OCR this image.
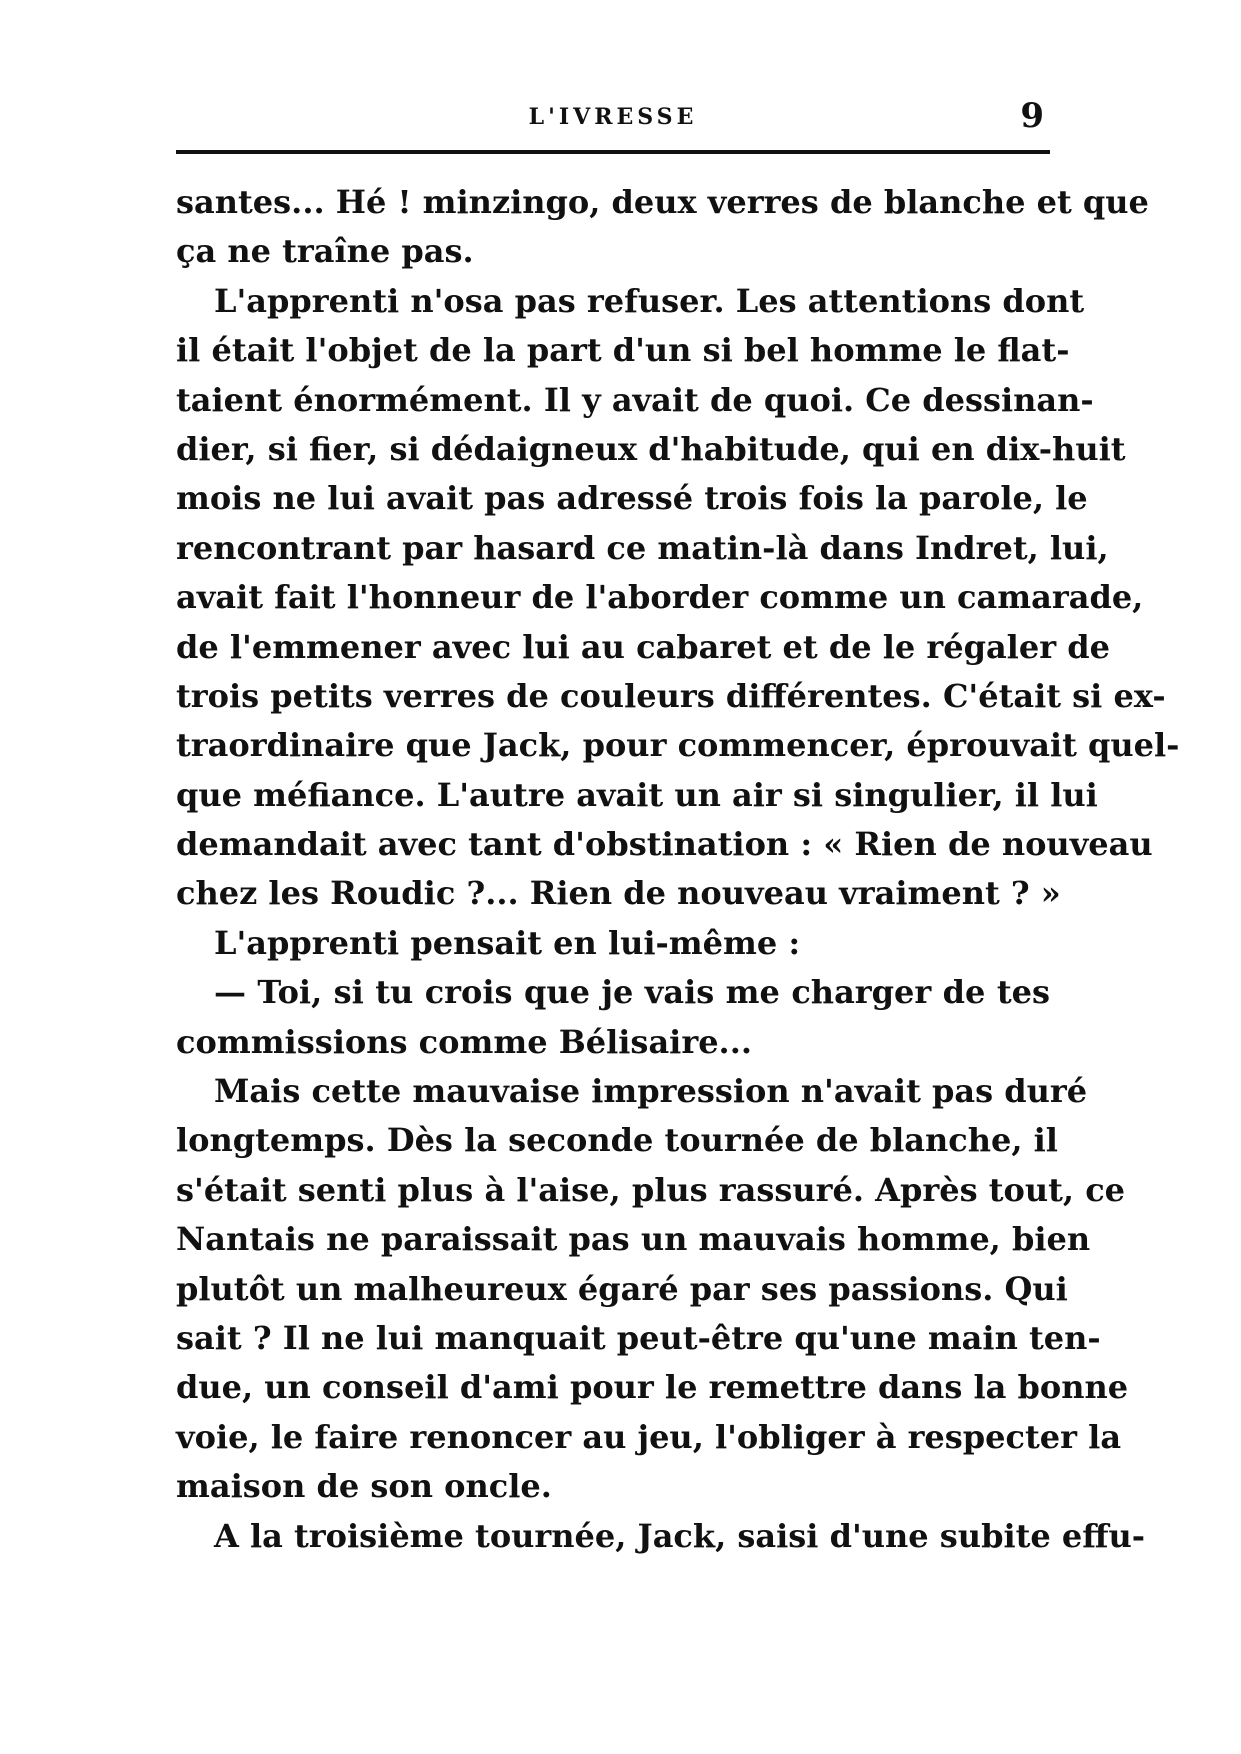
L'IVRESSE	9
santes... Hé ! minzingo, deux verres de blanche et que
ça ne traîne pas.
L'apprenti n'osa pas refuser. Les attentions dont
il était l'objet de la part d'un si bel homme le flat-
taient énormément. Il y avait de quoi. Ce dessinan-
dier, si fier, si dédaigneux d'habitude, qui en dix-huit
mois ne lui avait pas adressé trois fois la parole, le
rencontrant par hasard ce matin-là dans Indret, lui,
avait fait l'honneur de l'aborder comme un camarade,
de l'emmener avec lui au cabaret et de le régaler de
trois petits verres de couleurs différentes. C'était si ex-
traordinaire que Jack, pour commencer, éprouvait quel-
que méfiance. L'autre avait un air si singulier, il lui
demandait avec tant d'obstination : « Rien de nouveau
chez les Roudic ?... Rien de nouveau vraiment ? »
L'apprenti pensait en lui-même :
— Toi, si tu crois que je vais me charger de tes
commissions comme Bélisaire...
Mais cette mauvaise impression n'avait pas duré
longtemps. Dès la seconde tournée de blanche, il
s'était senti plus à l'aise, plus rassuré. Après tout, ce
Nantais ne paraissait pas un mauvais homme, bien
plutôt un malheureux égaré par ses passions. Qui
sait ? Il ne lui manquait peut-être qu'une main ten-
due, un conseil d'ami pour le remettre dans la bonne
voie, le faire renoncer au jeu, l'obliger à respecter la
maison de son oncle.
A la troisième tournée, Jack, saisi d'une subite effu-
